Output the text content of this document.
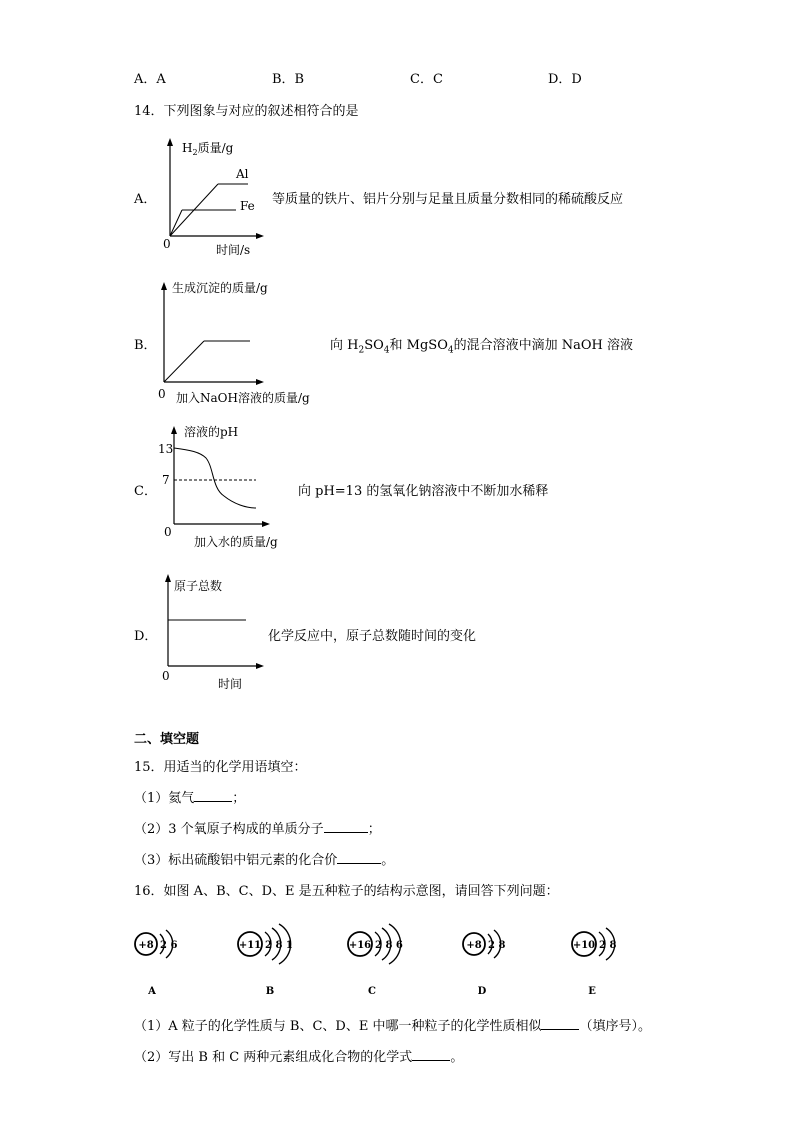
A．A	B．B	C．C	D．D
14．下列图象与对应的叙述相符合的是
A．
$H_2$质量/g
Al
Fe
0	时间/s
等质量的铁片、铝片分别与足量且质量分数相同的稀硫酸反应
B．
生成沉淀的质量/g
0 加入NaOH溶液的质量/g
向 $H_2SO_4$和 MgSO$_4$的混合溶液中滴加 NaOH 溶液
C．
溶液的pH
13
7
0
加入水的质量/g
向 pH=13 的氢氧化钠溶液中不断加水稀释
D．
原子总数
0
时间
化学反应中，原子总数随时间的变化
二、填空题
15．用适当的化学用语填空：
（1）氦气	；
（2）3 个氧原子构成的单质分子	；
（3）标出硫酸铝中铝元素的化合价	。
16．如图 A、B、C、D、E 是五种粒子的结构示意图，请回答下列问题：
+8 2 6
A
+11 2 8 1
B
+16 2 8 6
C
+8 2 8
D
+10 2 8
E
（1）A 粒子的化学性质与 B、C、D、E 中哪一种粒子的化学性质相似	（填序号）。
（2）写出 B 和 C 两种元素组成化合物的化学式	。
